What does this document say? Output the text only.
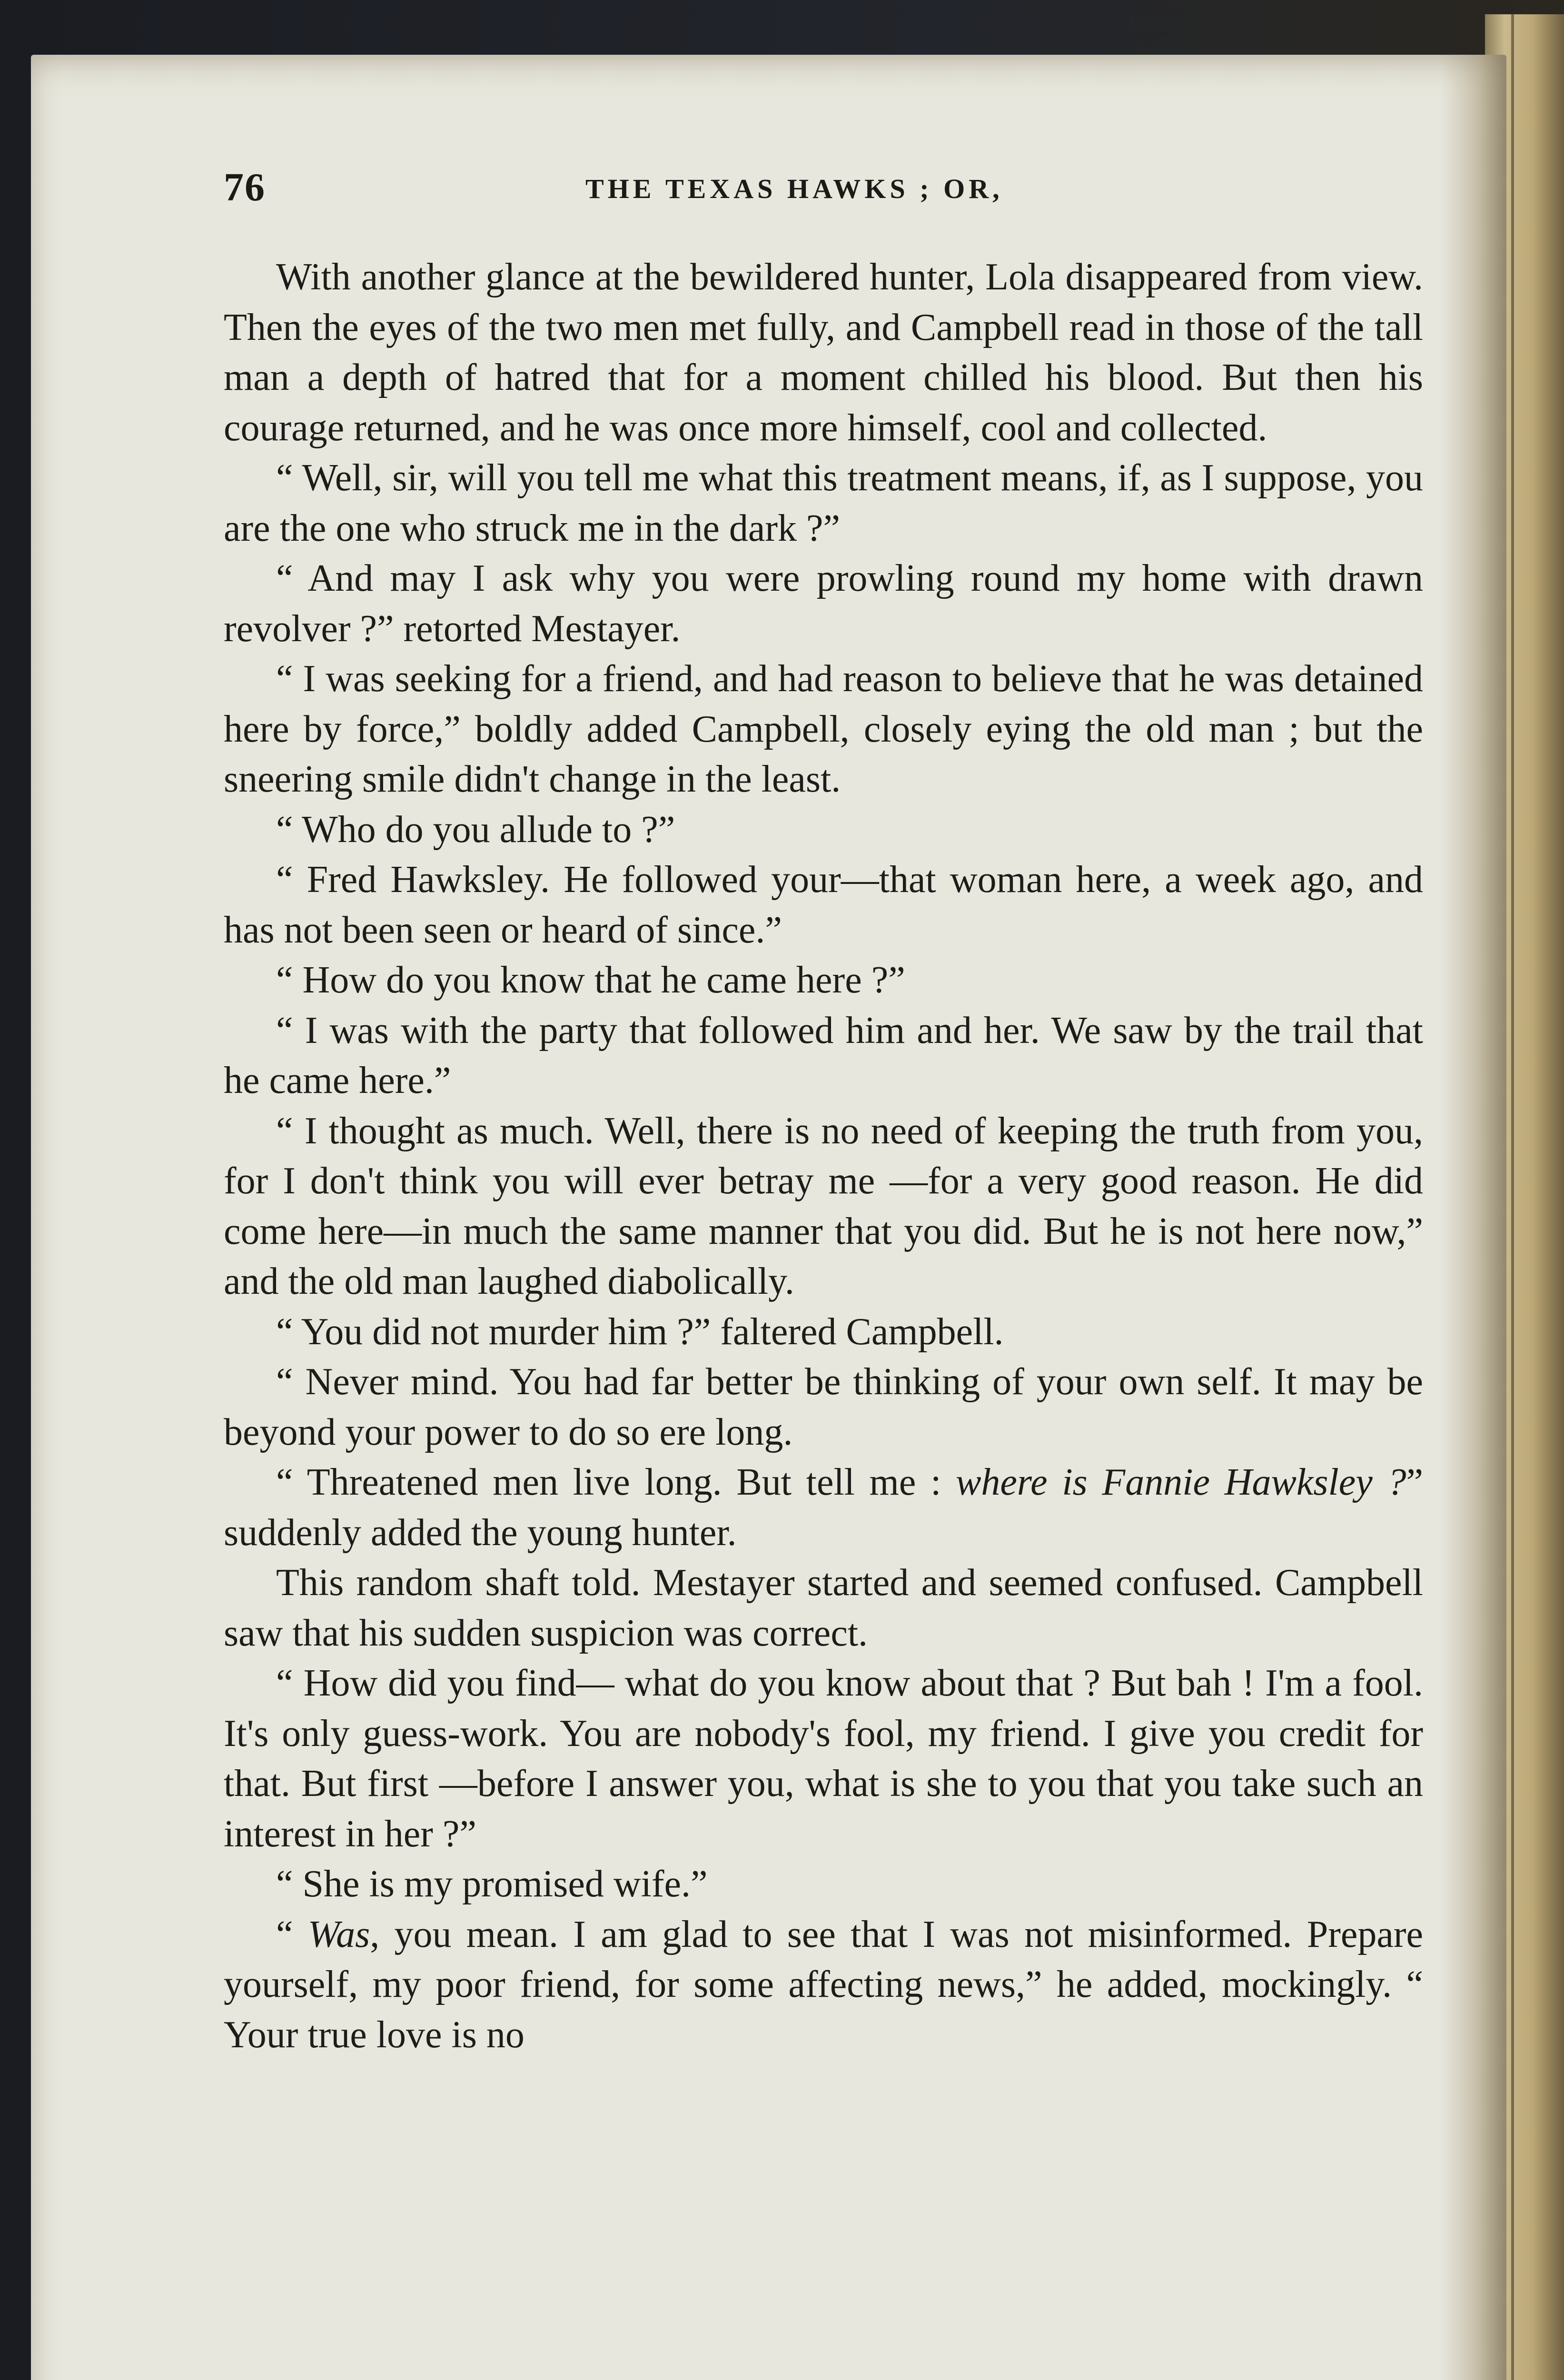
76	THE TEXAS HAWKS ; OR,

With another glance at the bewildered hunter, Lola disappeared from view. Then the eyes of the two men met fully, and Campbell read in those of the tall man a depth of hatred that for a moment chilled his blood. But then his courage returned, and he was once more himself, cool and collected.

“ Well, sir, will you tell me what this treatment means, if, as I suppose, you are the one who struck me in the dark ?”

“ And may I ask why you were prowling round my home with drawn revolver ?” retorted Mestayer.

“ I was seeking for a friend, and had reason to believe that he was detained here by force,” boldly added Campbell, closely eying the old man ; but the sneering smile didn't change in the least.

“ Who do you allude to ?”

“ Fred Hawksley. He followed your—that woman here, a week ago, and has not been seen or heard of since.”

“ How do you know that he came here ?”

“ I was with the party that followed him and her. We saw by the trail that he came here.”

“ I thought as much. Well, there is no need of keeping the truth from you, for I don't think you will ever betray me —for a very good reason. He did come here—in much the same manner that you did. But he is not here now,” and the old man laughed diabolically.

“ You did not murder him ?” faltered Campbell.

“ Never mind. You had far better be thinking of your own self. It may be beyond your power to do so ere long.

“ Threatened men live long. But tell me : where is Fannie Hawksley ?” suddenly added the young hunter.

This random shaft told. Mestayer started and seemed confused. Campbell saw that his sudden suspicion was correct.

“ How did you find— what do you know about that ? But bah ! I'm a fool. It's only guess-work. You are nobody's fool, my friend. I give you credit for that. But first —before I answer you, what is she to you that you take such an interest in her ?”

“ She is my promised wife.”

“ Was, you mean. I am glad to see that I was not misinformed. Prepare yourself, my poor friend, for some affecting news,” he added, mockingly. “ Your true love is no
